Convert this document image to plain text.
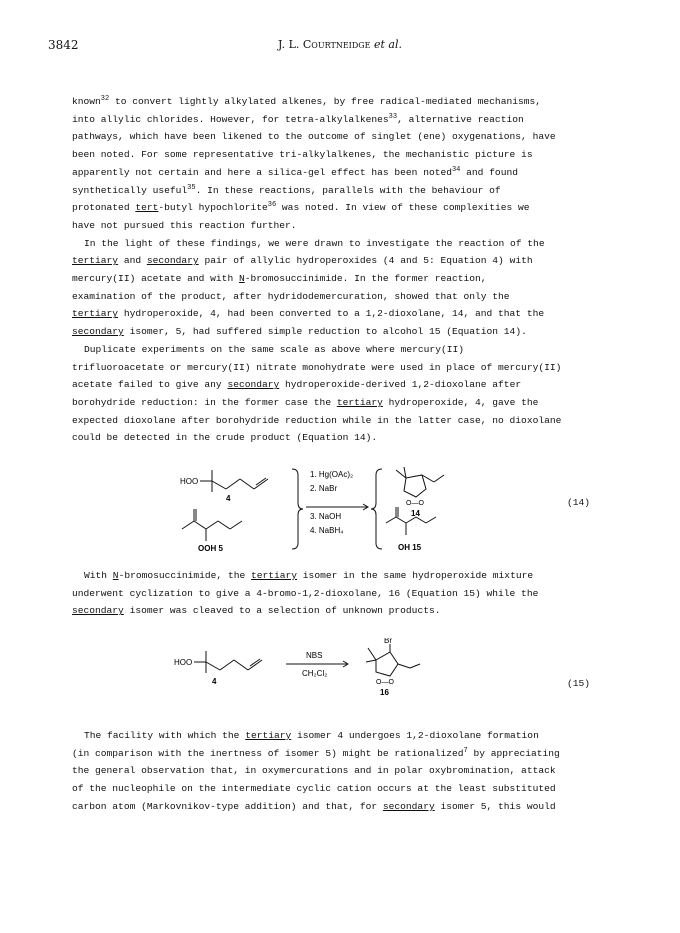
3842	J. L. Courtneidge et al.

known$^{32}$ to convert lightly alkylated alkenes, by free radical-mediated mechanisms,

into allylic chlorides. However, for tetra-alkylalkenes$^{33}$, alternative reaction

pathways, which have been likened to the outcome of singlet (ene) oxygenations, have

been noted. For some representative tri-alkylalkenes, the mechanistic picture is

apparently not certain and here a silica-gel effect has been noted$^{34}$ and found

synthetically useful$^{35}$. In these reactions, parallels with the behaviour of

protonated tert-butyl hypochlorite$^{36}$ was noted. In view of these complexities we

have not pursued this reaction further.

In the light of these findings, we were drawn to investigate the reaction of the

tertiary and secondary pair of allylic hydroperoxides (4 and 5: Equation 4) with

mercury(II) acetate and with N-bromosuccinimide. In the former reaction,

examination of the product, after hydridodemercuration, showed that only the

tertiary hydroperoxide, 4, had been converted to a 1,2-dioxolane, 14, and that the

secondary isomer, 5, had suffered simple reduction to alcohol 15 (Equation 14).

Duplicate experiments on the same scale as above where mercury(II)

trifluoroacetate or mercury(II) nitrate monohydrate were used in place of mercury(II)

acetate failed to give any secondary hydroperoxide-derived 1,2-dioxolane after

borohydride reduction: in the former case the tertiary hydroperoxide, 4, gave the

expected dioxolane after borohydride reduction while in the latter case, no dioxolane

could be detected in the crude product (Equation 14).

HOO
4
OOH 5
1. Hg(OAc)₂
2. NaBr
3. NaOH
4. NaBH₄
O—O
14
OH 15
(14)

With N-bromosuccinimide, the tertiary isomer in the same hydroperoxide mixture

underwent cyclization to give a 4-bromo-1,2-dioxolane, 16 (Equation 15) while the

secondary isomer was cleaved to a selection of unknown products.

HOO
4
NBS
CH₂Cl₂
Br
O—O
16
(15)

The facility with which the tertiary isomer 4 undergoes 1,2-dioxolane formation

(in comparison with the inertness of isomer 5) might be rationalized$^7$ by appreciating

the general observation that, in oxymercurations and in polar oxybromination, attack

of the nucleophile on the intermediate cyclic cation occurs at the least substituted

carbon atom (Markovnikov-type addition) and that, for secondary isomer 5, this would
